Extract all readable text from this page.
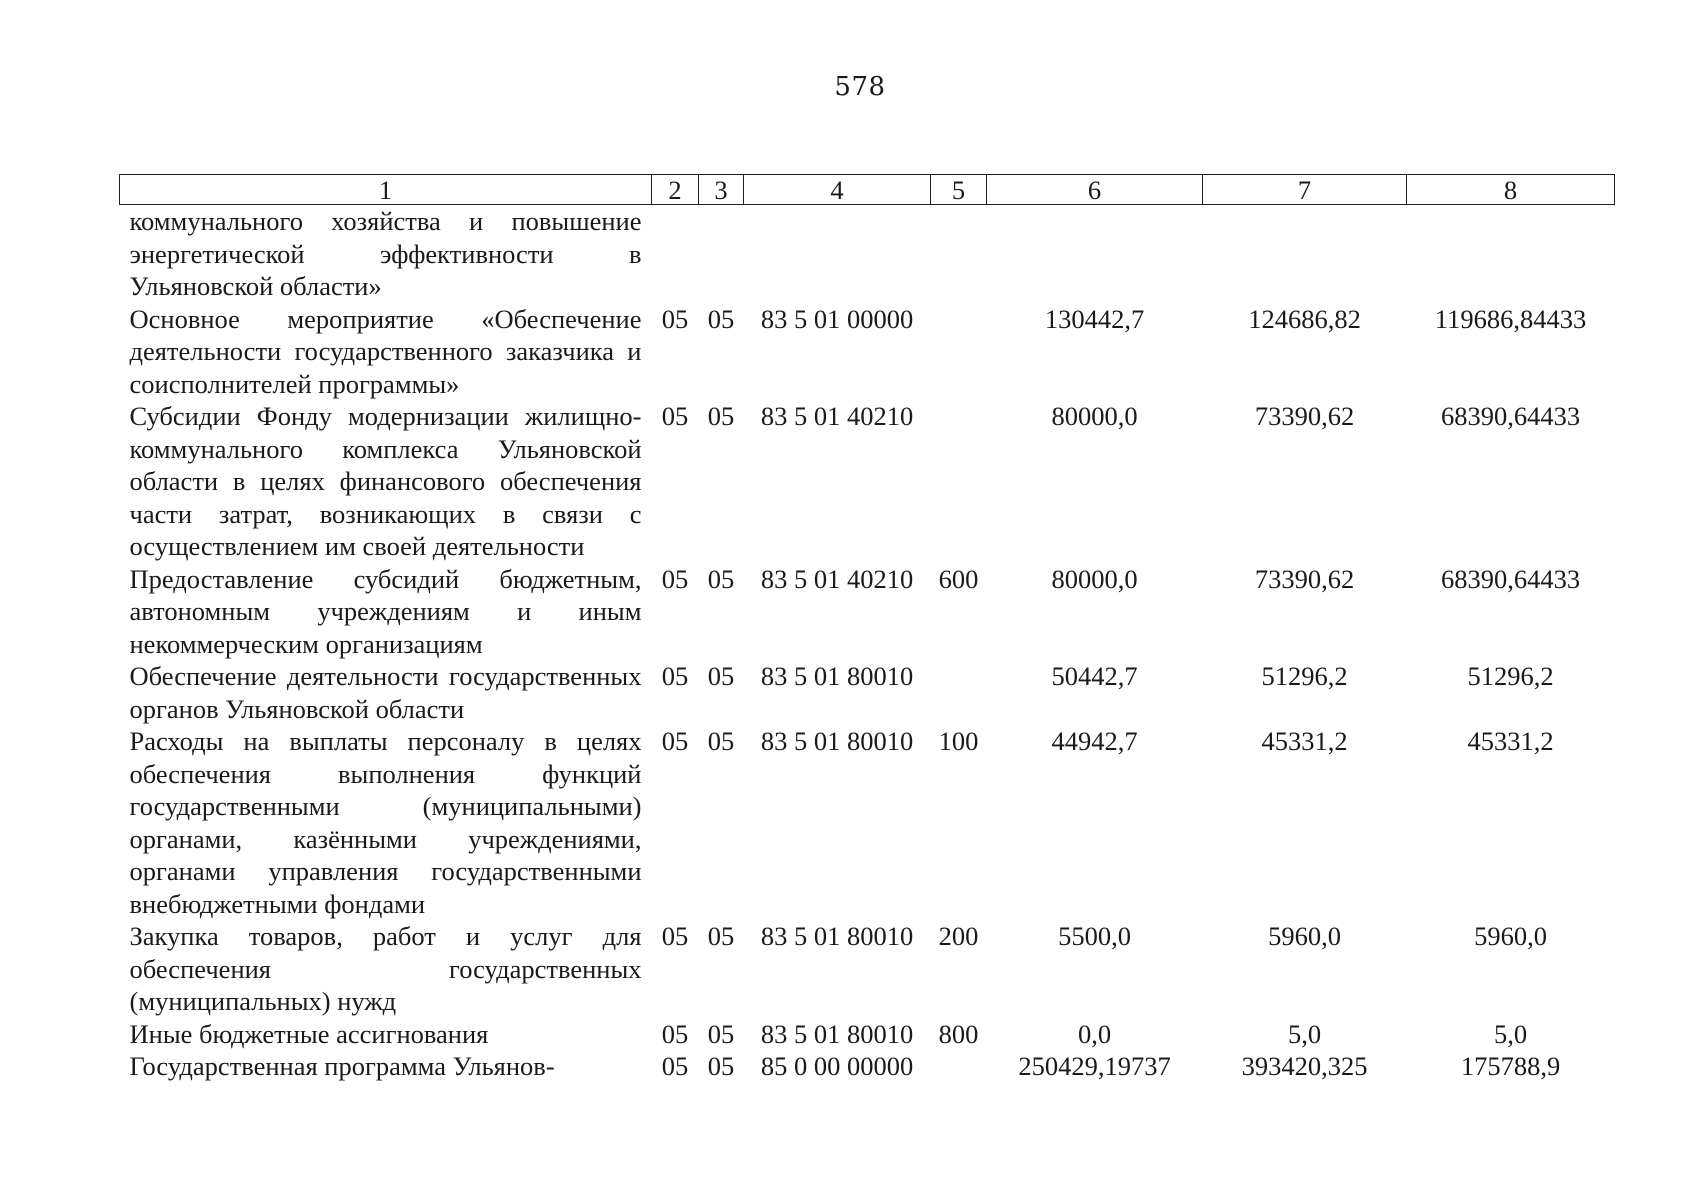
578
1	2	3	4	5	6	7	8
коммунального хозяйства и повышение энергетической эффективности в Ульяновской области»							
Основное мероприятие «Обеспечение деятельности государственного заказчика и соисполнителей программы»	05	05	83 5 01 00000		130442,7	124686,82	119686,84433
Субсидии Фонду модернизации жилищно-коммунального комплекса Ульяновской области в целях финансового обеспечения части затрат, возникающих в связи с осуществлением им своей деятельности	05	05	83 5 01 40210		80000,0	73390,62	68390,64433
Предоставление субсидий бюджетным, автономным учреждениям и иным некоммерческим организациям	05	05	83 5 01 40210	600	80000,0	73390,62	68390,64433
Обеспечение деятельности государственных органов Ульяновской области	05	05	83 5 01 80010		50442,7	51296,2	51296,2
Расходы на выплаты персоналу в целях обеспечения выполнения функций государственными (муниципальными) органами, казёнными учреждениями, органами управления государственными внебюджетными фондами	05	05	83 5 01 80010	100	44942,7	45331,2	45331,2
Закупка товаров, работ и услуг для обеспечения государственных (муниципальных) нужд	05	05	83 5 01 80010	200	5500,0	5960,0	5960,0
Иные бюджетные ассигнования	05	05	83 5 01 80010	800	0,0	5,0	5,0
Государственная программа Ульянов-	05	05	85 0 00 00000		250429,19737	393420,325	175788,9
